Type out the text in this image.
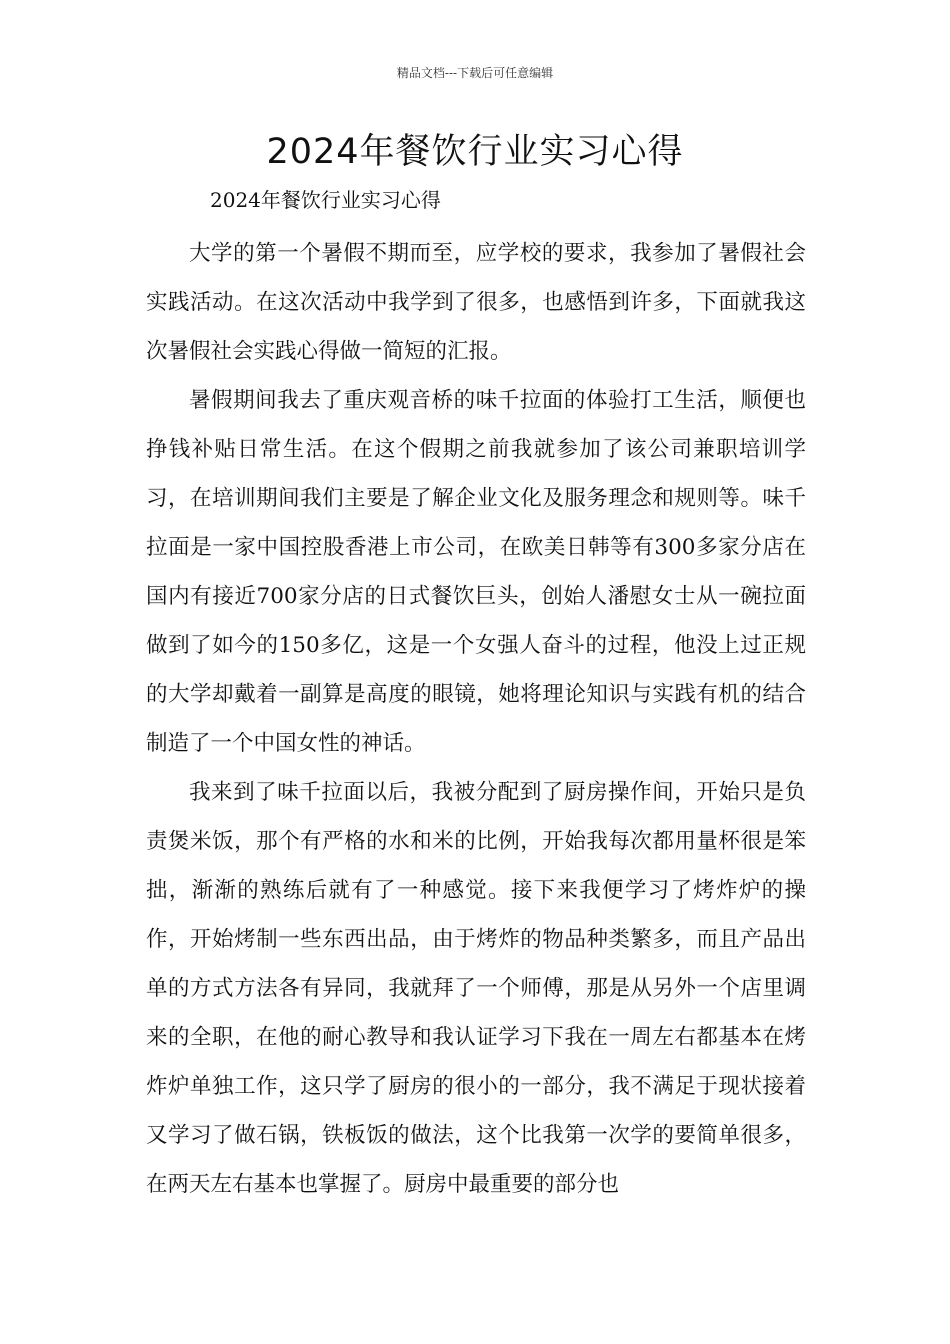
精品文档---下载后可任意编辑
2024年餐饮行业实习心得

2024年餐饮行业实习心得

大学的第一个暑假不期而至，应学校的要求，我参加了暑假社会实践活动。在这次活动中我学到了很多，也感悟到许多，下面就我这次暑假社会实践心得做一简短的汇报。

暑假期间我去了重庆观音桥的味千拉面的体验打工生活，顺便也挣钱补贴日常生活。在这个假期之前我就参加了该公司兼职培训学习，在培训期间我们主要是了解企业文化及服务理念和规则等。味千拉面是一家中国控股香港上市公司，在欧美日韩等有300多家分店在国内有接近700家分店的日式餐饮巨头，创始人潘慰女士从一碗拉面做到了如今的150多亿，这是一个女强人奋斗的过程，他没上过正规的大学却戴着一副算是高度的眼镜，她将理论知识与实践有机的结合制造了一个中国女性的神话。

我来到了味千拉面以后，我被分配到了厨房操作间，开始只是负责煲米饭，那个有严格的水和米的比例，开始我每次都用量杯很是笨拙，渐渐的熟练后就有了一种感觉。接下来我便学习了烤炸炉的操作，开始烤制一些东西出品，由于烤炸的物品种类繁多，而且产品出单的方式方法各有异同，我就拜了一个师傅，那是从另外一个店里调来的全职，在他的耐心教导和我认证学习下我在一周左右都基本在烤炸炉单独工作，这只学了厨房的很小的一部分，我不满足于现状接着又学习了做石锅，铁板饭的做法，这个比我第一次学的要简单很多，在两天左右基本也掌握了。厨房中最重要的部分也
